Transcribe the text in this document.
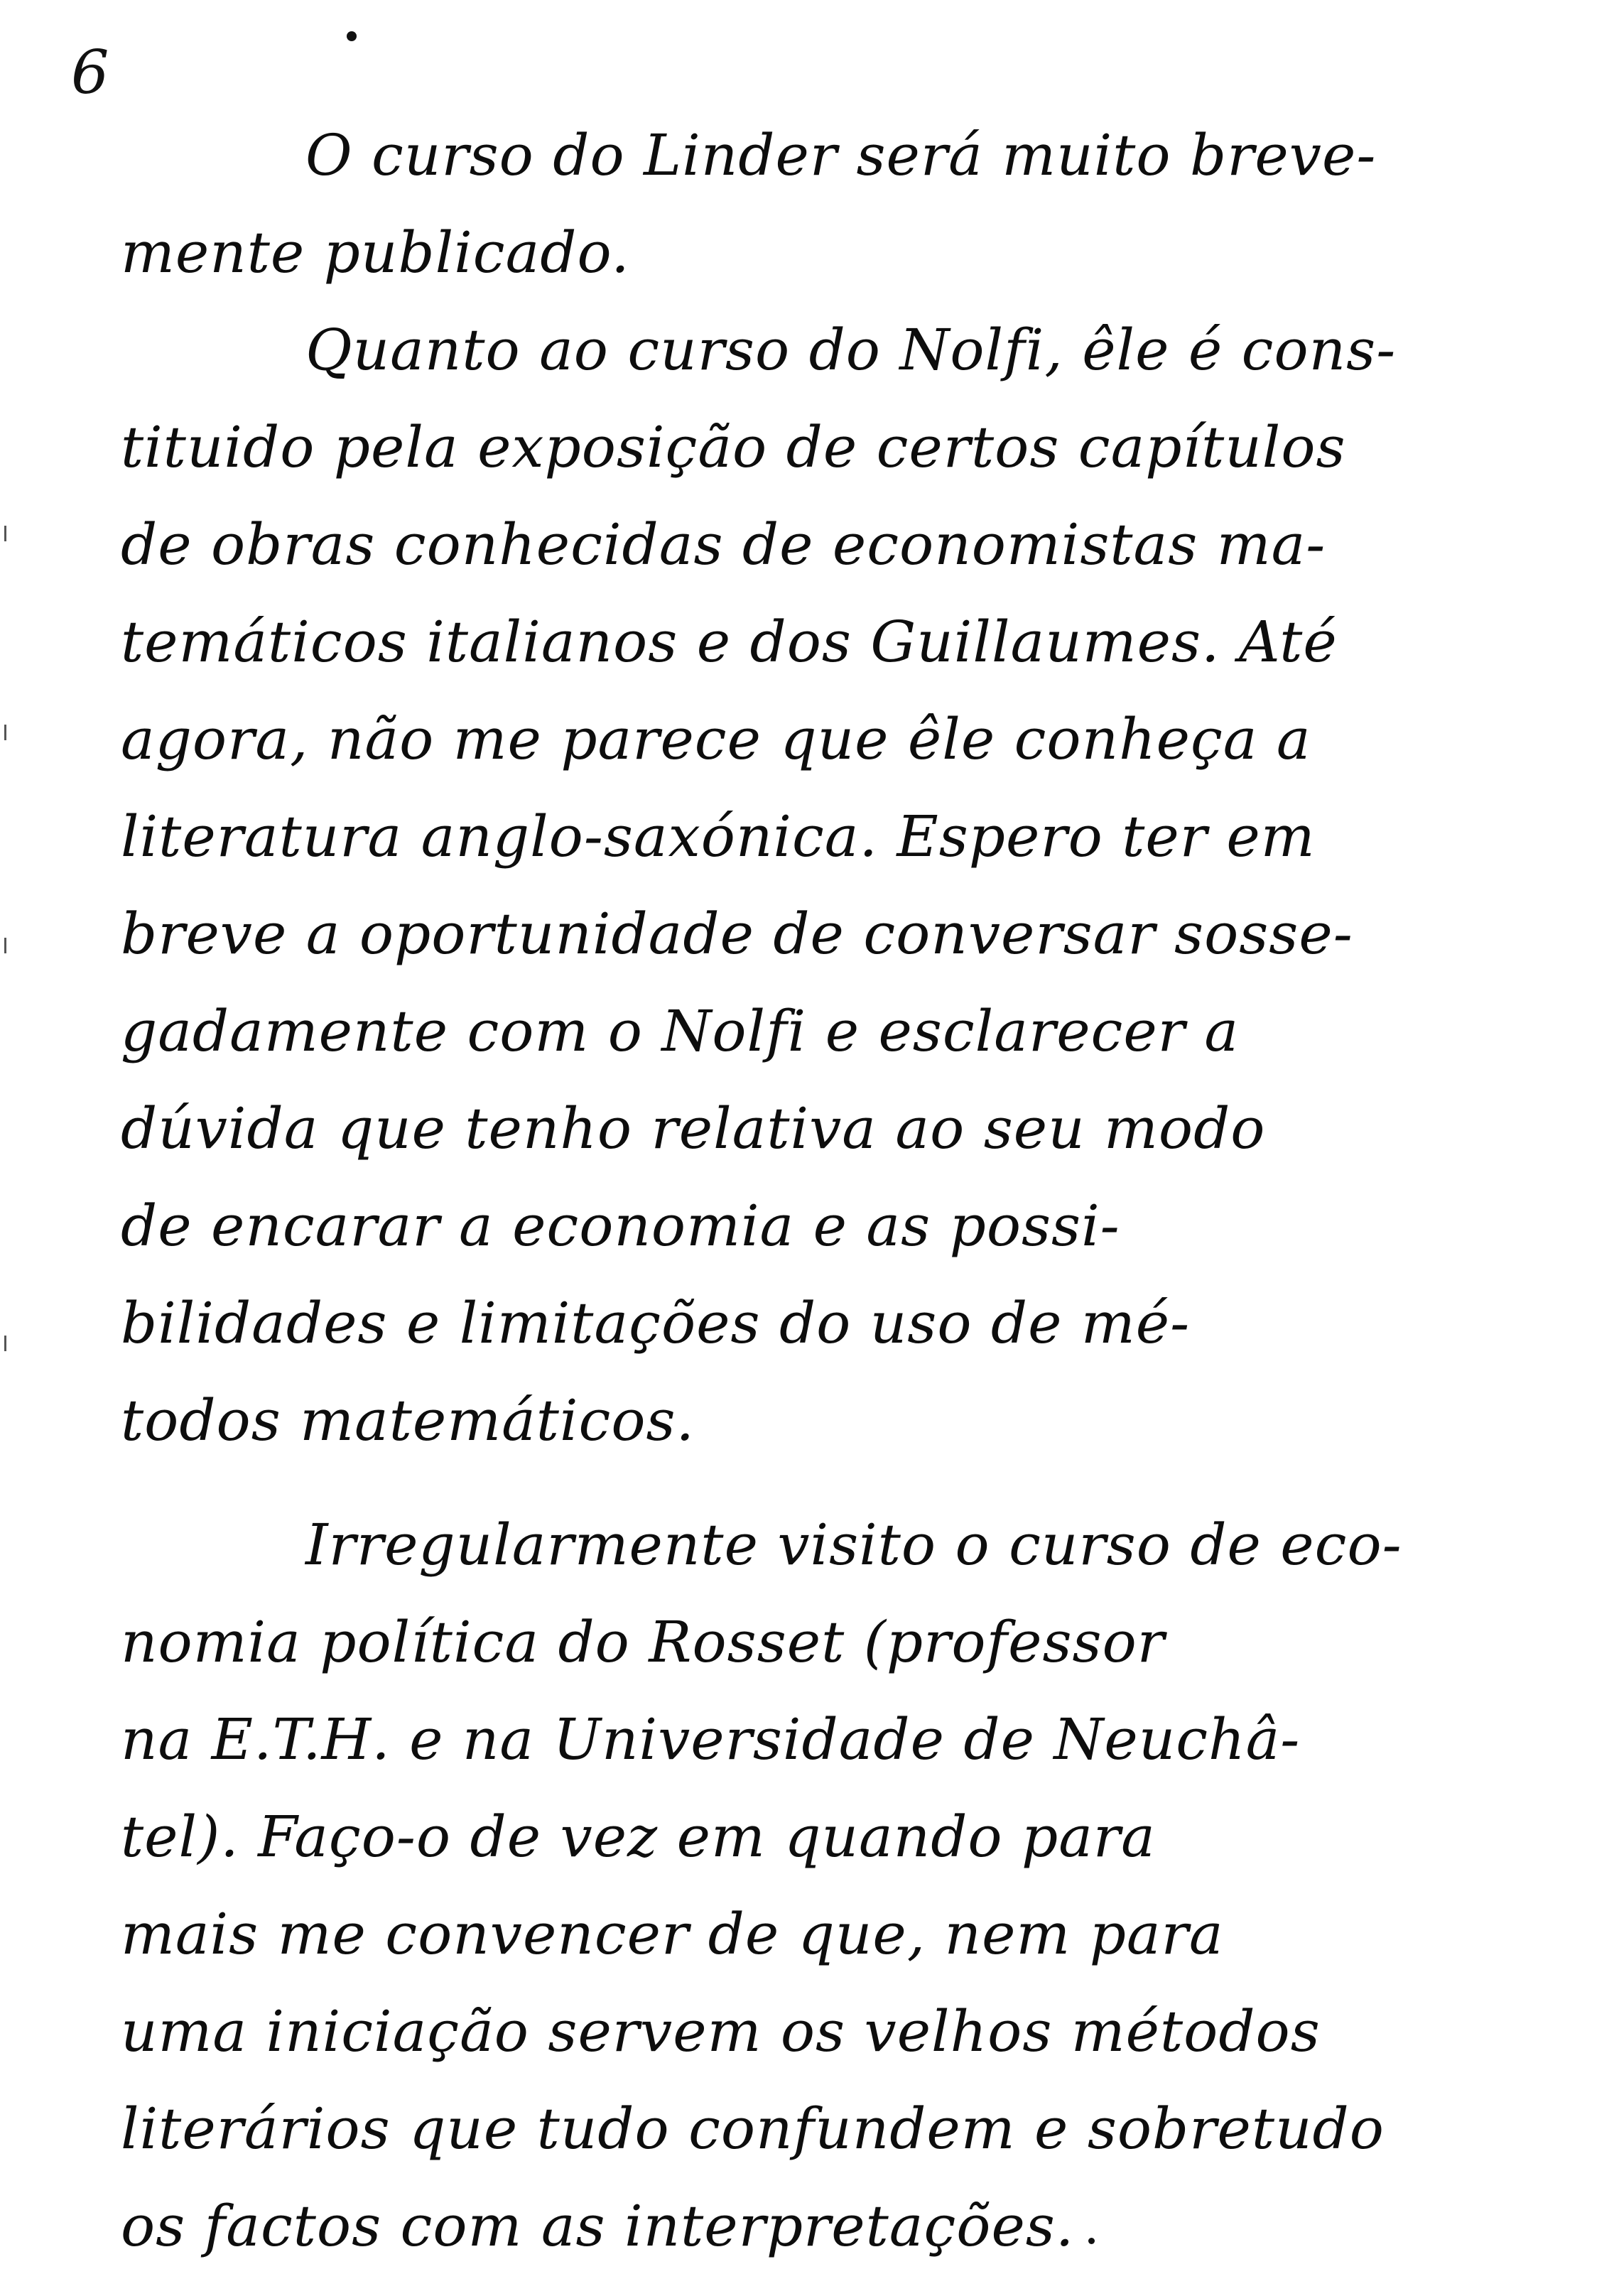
6
O curso do Linder será muito breve-
mente publicado.
Quanto ao curso do Nolfi, êle é cons-
tituido pela exposição de certos capítulos
de obras conhecidas de economistas ma-
temáticos italianos e dos Guillaumes. Até
agora, não me parece que êle conheça a
literatura anglo-saxónica. Espero ter em
breve a oportunidade de conversar sosse-
gadamente com o Nolfi e esclarecer a
dúvida que tenho relativa ao seu modo
de encarar a economia e as possi-
bilidades e limitações do uso de mé-
todos matemáticos.
Irregularmente visito o curso de eco-
nomia política do Rosset (professor
na E.T.H. e na Universidade de Neuchâ-
tel). Faço-o de vez em quando para
mais me convencer de que, nem para
uma iniciação servem os velhos métodos
literários que tudo confundem e sobretudo
os factos com as interpretações.
